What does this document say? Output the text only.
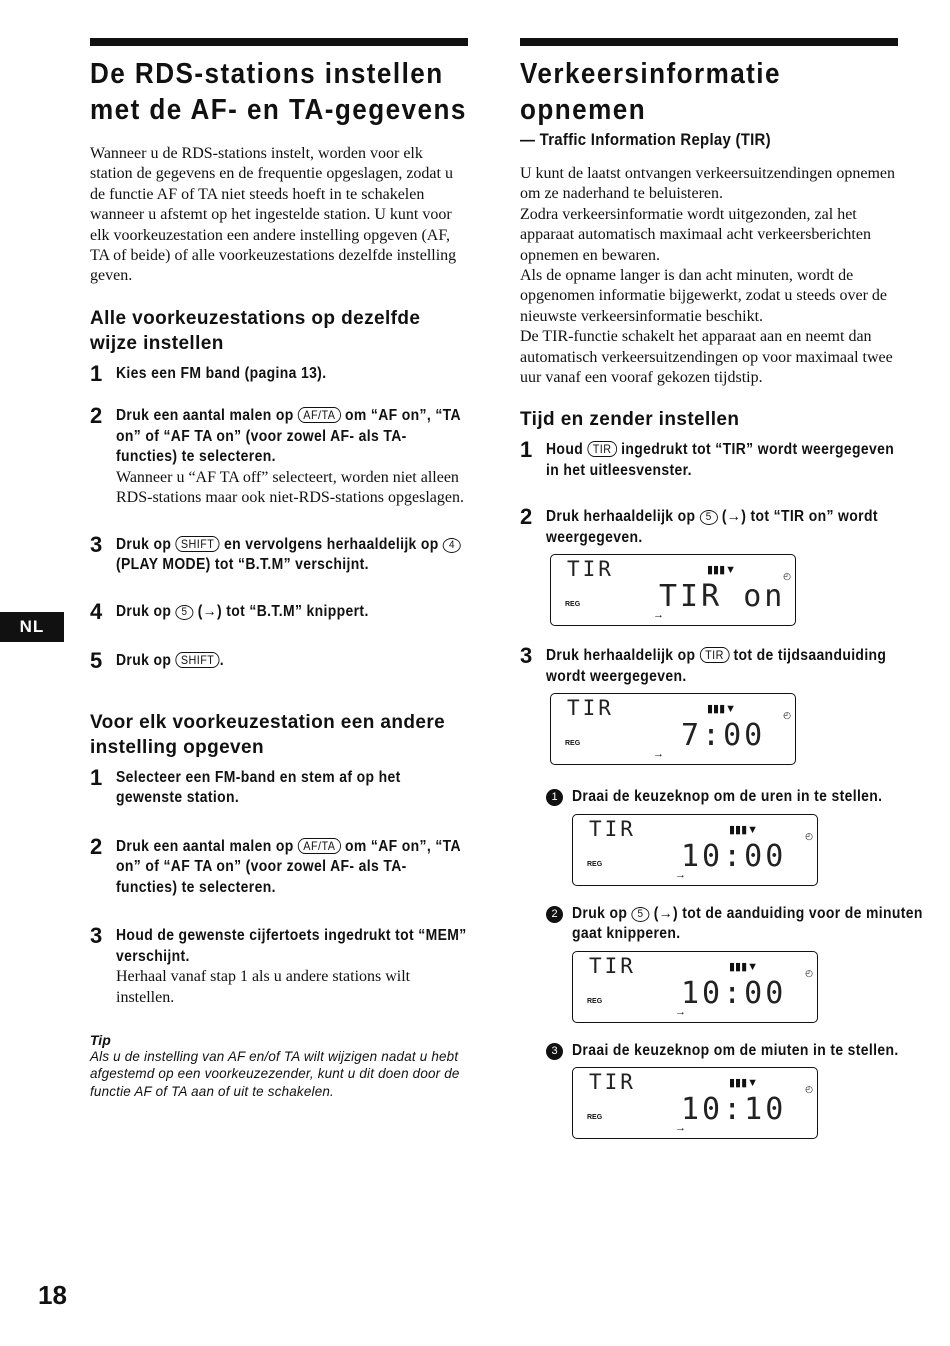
NL
18
De RDS-stations instellen met de AF- en TA-gegevens

Wanneer u de RDS-stations instelt, worden voor elk station de gegevens en de frequentie opgeslagen, zodat u de functie AF of TA niet steeds hoeft in te schakelen wanneer u afstemt op het ingestelde station. U kunt voor elk voorkeuzestation een andere instelling opgeven (AF, TA of beide) of alle voorkeuzestations dezelfde instelling geven.

Alle voorkeuzestations op dezelfde wijze instellen
1 Kies een FM band (pagina 13).
2 Druk een aantal malen op AF/TA om “AF on”, “TA on” of “AF TA on” (voor zowel AF- als TA-functies) te selecteren.
Wanneer u “AF TA off” selecteert, worden niet alleen RDS-stations maar ook niet-RDS-stations opgeslagen.
3 Druk op SHIFT en vervolgens herhaaldelijk op 4 (PLAY MODE) tot “B.T.M” verschijnt.
4 Druk op 5 (→) tot “B.T.M” knippert.
5 Druk op SHIFT .
Voor elk voorkeuzestation een andere instelling opgeven
1 Selecteer een FM-band en stem af op het gewenste station.
2 Druk een aantal malen op AF/TA om “AF on”, “TA on” of “AF TA on” (voor zowel AF- als TA-functies) te selecteren.
3 Houd de gewenste cijfertoets ingedrukt tot “MEM” verschijnt.
Herhaal vanaf stap 1 als u andere stations wilt instellen.
Tip
Als u de instelling van AF en/of TA wilt wijzigen nadat u hebt afgestemd op een voorkeuzezender, kunt u dit doen door de functie AF of TA aan of uit te schakelen.
Verkeersinformatie opnemen
— Traffic Information Replay (TIR)

U kunt de laatst ontvangen verkeersuitzendingen opnemen om ze naderhand te beluisteren.

Zodra verkeersinformatie wordt uitgezonden, zal het apparaat automatisch maximaal acht verkeersberichten opnemen en bewaren.

Als de opname langer is dan acht minuten, wordt de opgenomen informatie bijgewerkt, zodat u steeds over de nieuwste verkeersinformatie beschikt.

De TIR-functie schakelt het apparaat aan en neemt dan automatisch verkeersuitzendingen op voor maximaal twee uur vanaf een vooraf gekozen tijdstip.

Tijd en zender instellen
1 Houd TIR ingedrukt tot “TIR” wordt weergegeven in het uitleesvenster.
2 Druk herhaaldelijk op 5 (→) tot “TIR on” wordt weergegeven.
TIR	▮▮▮▼	◴
REG	TIR on
→
3 Druk herhaaldelijk op TIR tot de tijdsaanduiding wordt weergegeven.
TIR	▮▮▮▼	◴
REG	7:00
→
1 Draai de keuzeknop om de uren in te stellen.
TIR	▮▮▮▼	◴
REG	10:00
→
2 Druk op 5 (→) tot de aanduiding voor de minuten gaat knipperen.
TIR	▮▮▮▼	◴
REG	10:00
→
3 Draai de keuzeknop om de miuten in te stellen.
TIR	▮▮▮▼	◴
REG	10:10
→
